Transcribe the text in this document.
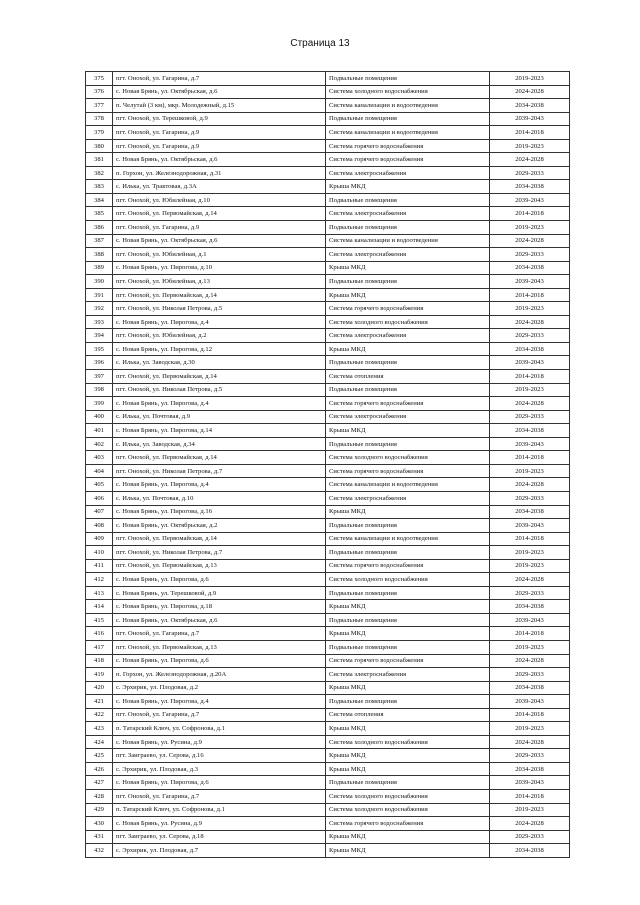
Страница 13
375	пгт. Онохой, ул. Гагарина, д.7	Подвальные помещения	2019-2023
376	с. Новая Брянь, ул. Октябрьская, д.6	Система холодного водоснабжения	2024-2028
377	п. Челутай (3 км), мкр. Молодежный, д.15	Система канализации и водоотведения	2034-2038
378	пгт. Онохой, ул. Терешковой, д.9	Подвальные помещения	2039-2043
379	пгт. Онохой, ул. Гагарина, д.9	Система канализации и водоотведения	2014-2018
380	пгт. Онохой, ул. Гагарина, д.9	Система горячего водоснабжения	2019-2023
381	с. Новая Брянь, ул. Октябрьская, д.6	Система горячего водоснабжения	2024-2028
382	п. Горхон, ул. Железнодорожная, д.31	Система электроснабжения	2029-2033
383	с. Илька, ул. Трактовая, д.3А	Крыша МКД	2034-2038
384	пгт. Онохой, ул. Юбилейная, д.10	Подвальные помещения	2039-2043
385	пгт. Онохой, ул. Первомайская, д.14	Система электроснабжения	2014-2018
386	пгт. Онохой, ул. Гагарина, д.9	Подвальные помещения	2019-2023
387	с. Новая Брянь, ул. Октябрьская, д.6	Система канализации и водоотведения	2024-2028
388	пгт. Онохой, ул. Юбилейная, д.1	Система электроснабжения	2029-2033
389	с. Новая Брянь, ул. Пирогова, д.10	Крыша МКД	2034-2038
390	пгт. Онохой, ул. Юбилейная, д.13	Подвальные помещения	2039-2043
391	пгт. Онохой, ул. Первомайская, д.14	Крыша МКД	2014-2018
392	пгт. Онохой, ул. Николая Петрова, д.5	Система горячего водоснабжения	2019-2023
393	с. Новая Брянь, ул. Пирогова, д.4	Система холодного водоснабжения	2024-2028
394	пгт. Онохой, ул. Юбилейная, д.2	Система электроснабжения	2029-2033
395	с. Новая Брянь, ул. Пирогова, д.12	Крыша МКД	2034-2038
396	с. Илька, ул. Заводская, д.30	Подвальные помещения	2039-2043
397	пгт. Онохой, ул. Первомайская, д.14	Система отопления	2014-2018
398	пгт. Онохой, ул. Николая Петрова, д.5	Подвальные помещения	2019-2023
399	с. Новая Брянь, ул. Пирогова, д.4	Система горячего водоснабжения	2024-2028
400	с. Илька, ул. Почтовая, д.9	Система электроснабжения	2029-2033
401	с. Новая Брянь, ул. Пирогова, д.14	Крыша МКД	2034-2038
402	с. Илька, ул. Заводская, д.34	Подвальные помещения	2039-2043
403	пгт. Онохой, ул. Первомайская, д.14	Система холодного водоснабжения	2014-2018
404	пгт. Онохой, ул. Николая Петрова, д.7	Система горячего водоснабжения	2019-2023
405	с. Новая Брянь, ул. Пирогова, д.4	Система канализации и водоотведения	2024-2028
406	с. Илька, ул. Почтовая, д.10	Система электроснабжения	2029-2033
407	с. Новая Брянь, ул. Пирогова, д.16	Крыша МКД	2034-2038
408	с. Новая Брянь, ул. Октябрьская, д.2	Подвальные помещения	2039-2043
409	пгт. Онохой, ул. Первомайская, д.14	Система канализации и водоотведения	2014-2018
410	пгт. Онохой, ул. Николая Петрова, д.7	Подвальные помещения	2019-2023
411	пгт. Онохой, ул. Первомайская, д.13	Система горячего водоснабжения	2019-2023
412	с. Новая Брянь, ул. Пирогова, д.6	Система холодного водоснабжения	2024-2028
413	с. Новая Брянь, ул. Терешковой, д.9	Подвальные помещения	2029-2033
414	с. Новая Брянь, ул. Пирогова, д.18	Крыша МКД	2034-2038
415	с. Новая Брянь, ул. Октябрьская, д.6	Подвальные помещения	2039-2043
416	пгт. Онохой, ул. Гагарина, д.7	Крыша МКД	2014-2018
417	пгт. Онохой, ул. Первомайская, д.13	Подвальные помещения	2019-2023
418	с. Новая Брянь, ул. Пирогова, д.6	Система горячего водоснабжения	2024-2028
419	п. Горхон, ул. Железнодорожная, д.20А	Система электроснабжения	2029-2033
420	с. Эрхирик, ул. Плодовая, д.2	Крыша МКД	2034-2038
421	с. Новая Брянь, ул. Пирогова, д.4	Подвальные помещения	2039-2043
422	пгт. Онохой, ул. Гагарина, д.7	Система отопления	2014-2018
423	п. Татарский Ключ, ул. Софронова, д.1	Крыша МКД	2019-2023
424	с. Новая Брянь, ул. Русина, д.9	Система холодного водоснабжения	2024-2028
425	пгт. Заиграево, ул. Серова, д.16	Крыша МКД	2029-2033
426	с. Эрхирик, ул. Плодовая, д.3	Крыша МКД	2034-2038
427	с. Новая Брянь, ул. Пирогова, д.6	Подвальные помещения	2039-2043
428	пгт. Онохой, ул. Гагарина, д.7	Система холодного водоснабжения	2014-2018
429	п. Татарский Ключ, ул. Софронова, д.1	Система холодного водоснабжения	2019-2023
430	с. Новая Брянь, ул. Русина, д.9	Система горячего водоснабжения	2024-2028
431	пгт. Заиграево, ул. Серова, д.18	Крыша МКД	2029-2033
432	с. Эрхирик, ул. Плодовая, д.7	Крыша МКД	2034-2038
